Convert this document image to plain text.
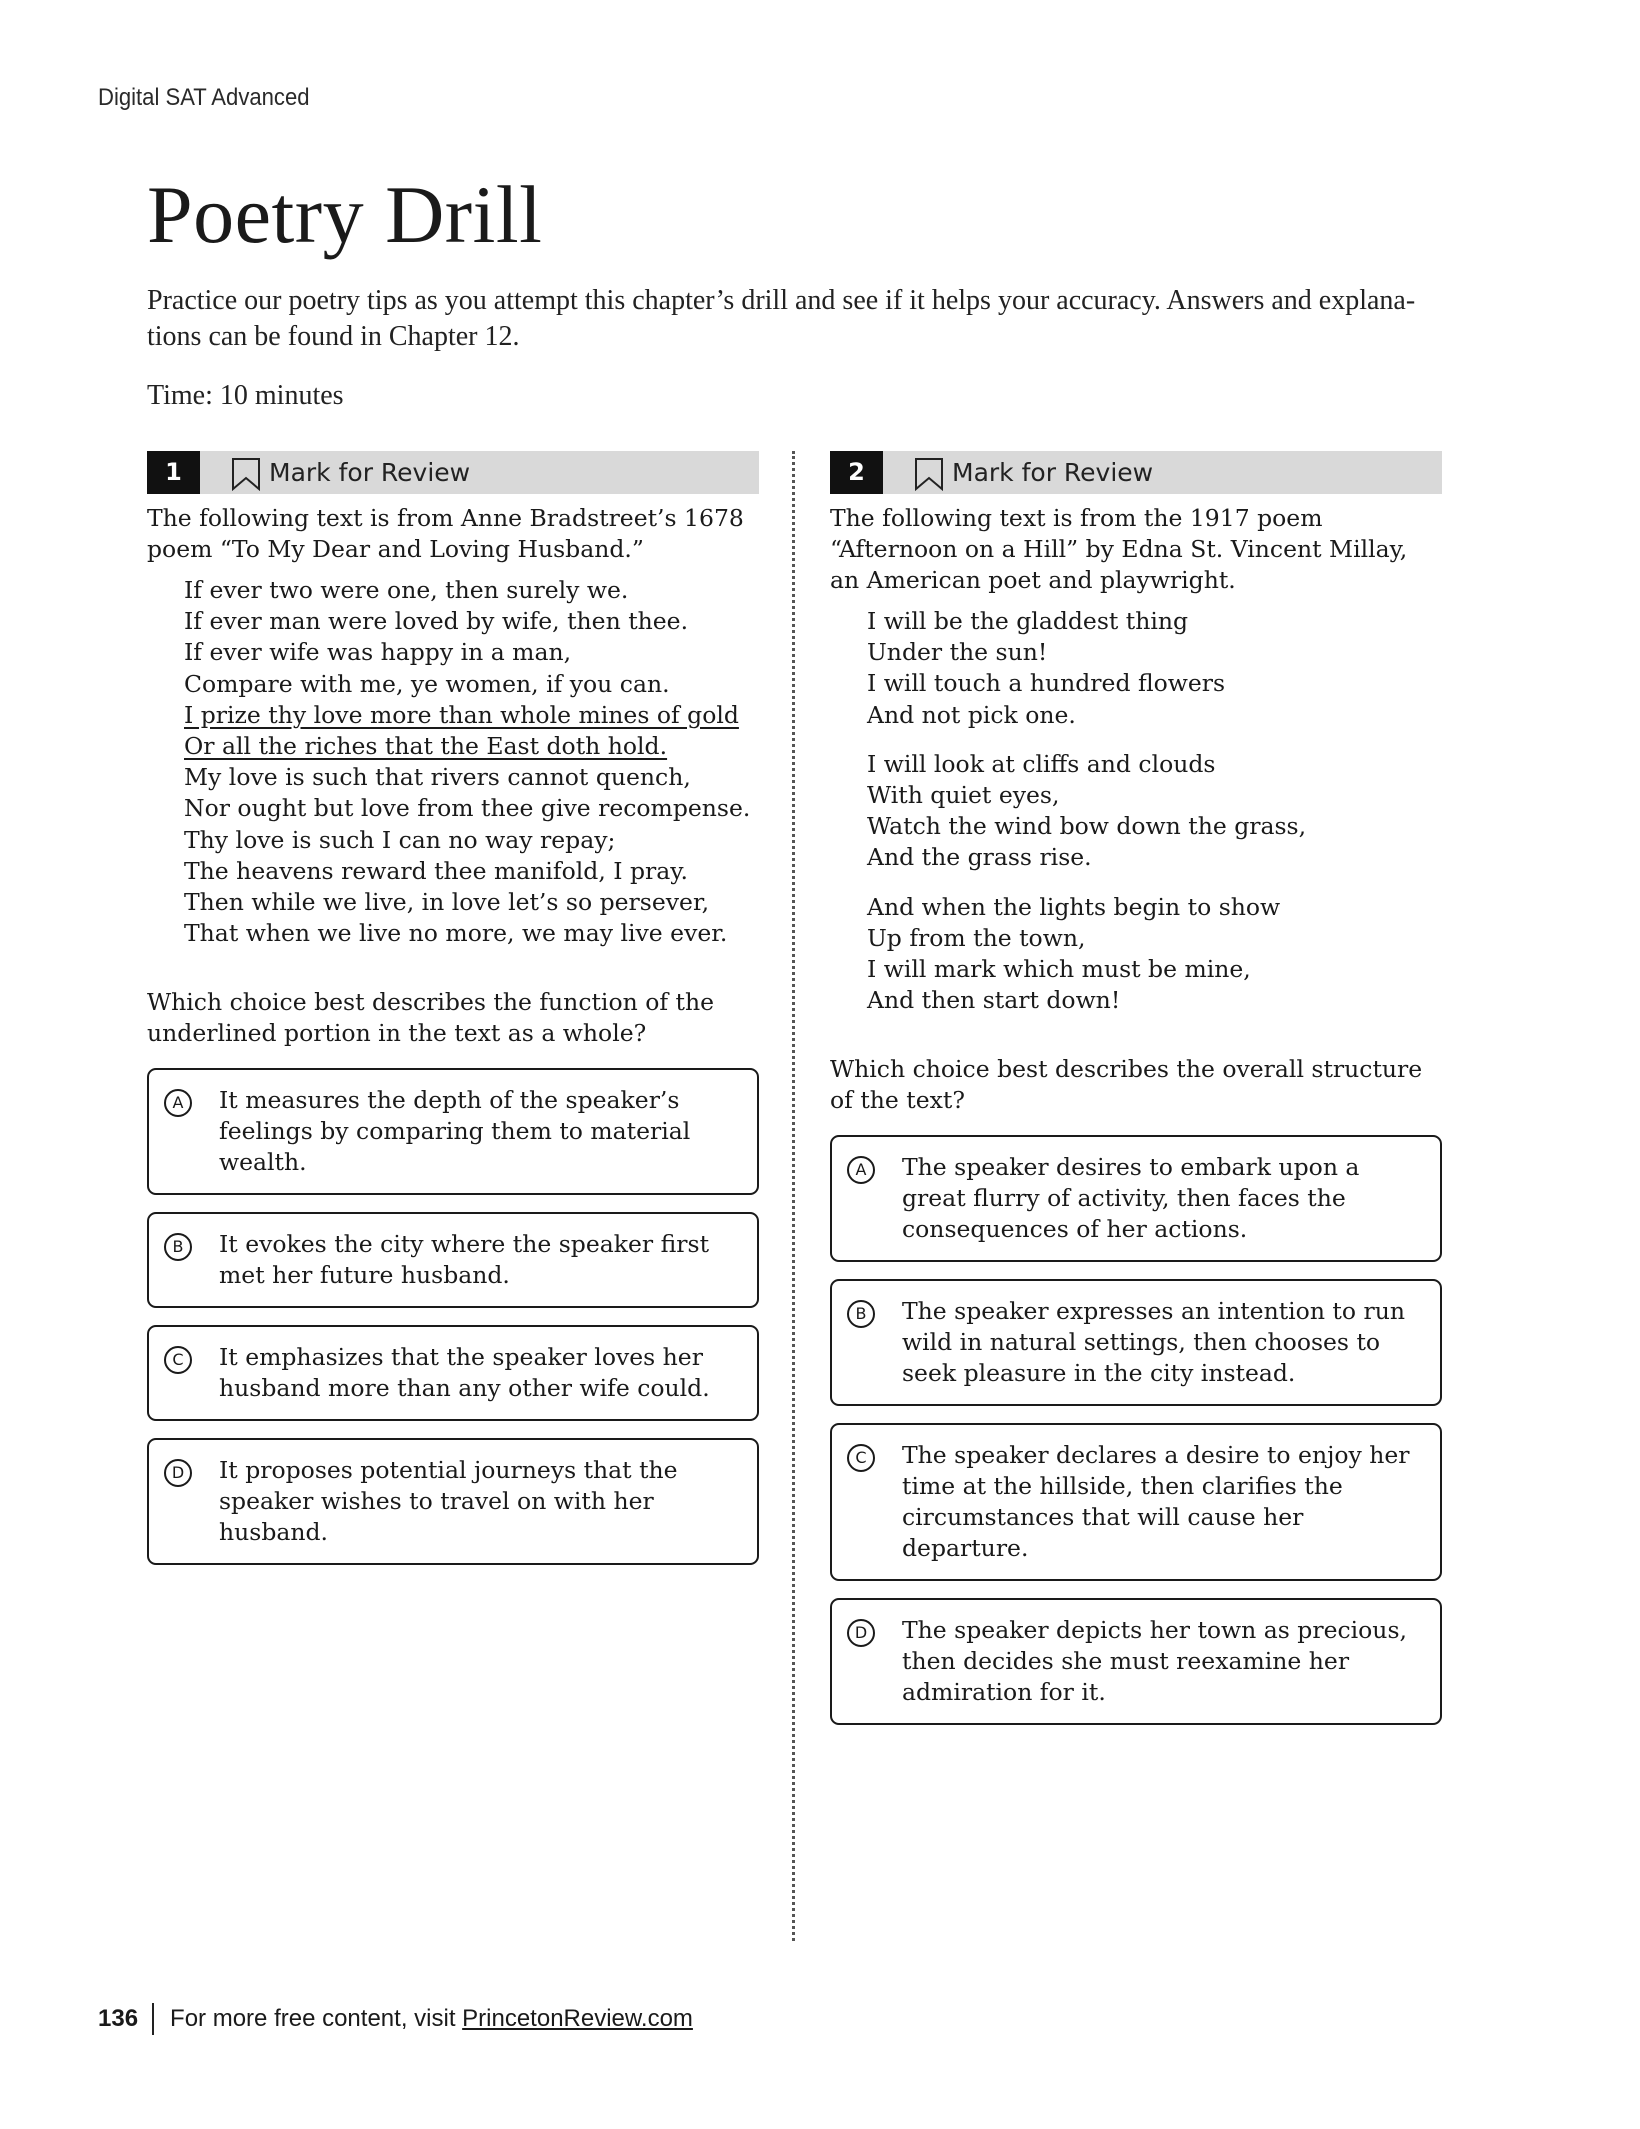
Digital SAT Advanced
Poetry Drill
Practice our poetry tips as you attempt this chapter’s drill and see if it helps your accuracy. Answers and explana-tions can be found in Chapter 12.
Time: 10 minutes
1	Mark for Review
The following text is from Anne Bradstreet’s 1678 poem “To My Dear and Loving Husband.”
If ever two were one, then surely we.
If ever man were loved by wife, then thee.
If ever wife was happy in a man,
Compare with me, ye women, if you can.
I prize thy love more than whole mines of gold
Or all the riches that the East doth hold.
My love is such that rivers cannot quench,
Nor ought but love from thee give recompense.
Thy love is such I can no way repay;
The heavens reward thee manifold, I pray.
Then while we live, in love let’s so persever,
That when we live no more, we may live ever.
Which choice best describes the function of the underlined portion in the text as a whole?
A	It measures the depth of the speaker’s feelings by comparing them to material wealth.
B	It evokes the city where the speaker first met her future husband.
C	It emphasizes that the speaker loves her husband more than any other wife could.
D	It proposes potential journeys that the speaker wishes to travel on with her husband.
2	Mark for Review
The following text is from the 1917 poem “Afternoon on a Hill” by Edna St. Vincent Millay, an American poet and playwright.
I will be the gladdest thing
Under the sun!
I will touch a hundred flowers
And not pick one.
I will look at cliffs and clouds
With quiet eyes,
Watch the wind bow down the grass,
And the grass rise.
And when the lights begin to show
Up from the town,
I will mark which must be mine,
And then start down!
Which choice best describes the overall structure of the text?
A	The speaker desires to embark upon a great flurry of activity, then faces the consequences of her actions.
B	The speaker expresses an intention to run wild in natural settings, then chooses to seek pleasure in the city instead.
C	The speaker declares a desire to enjoy her time at the hillside, then clarifies the circumstances that will cause her departure.
D	The speaker depicts her town as precious, then decides she must reexamine her admiration for it.
136 For more free content, visit
PrincetonReview.com
